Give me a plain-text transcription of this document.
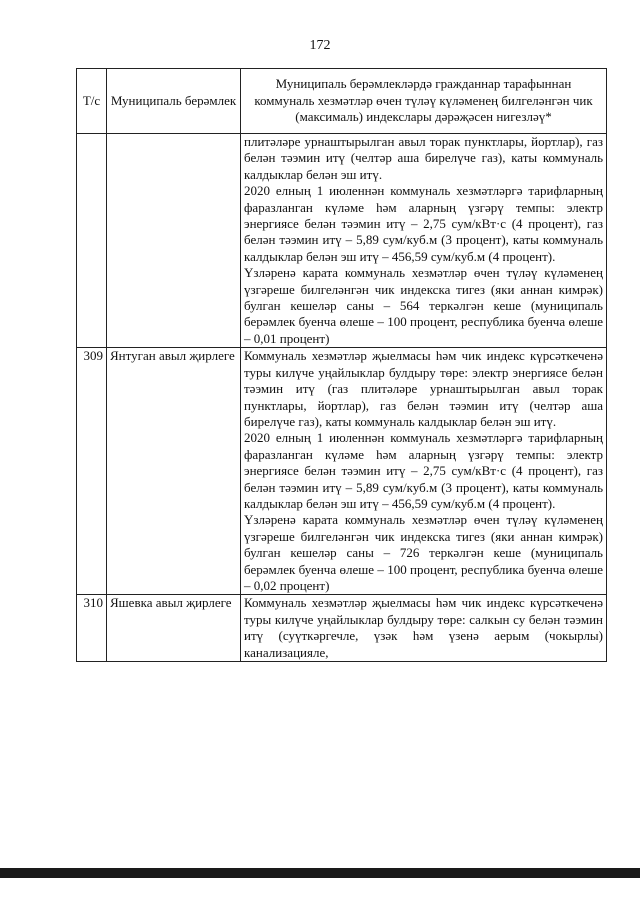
172
Т/с	Муниципаль берәмлек	Муниципаль берәмлекләрдә гражданнар тарафыннан коммуналь хезмәтләр өчен түләү күләменең билгеләнгән чик (максималь) индекслары дәрәҗәсен нигезләү*

		плитәләре урнаштырылган авыл торак пунктлары, йортлар), газ белән тәэмин итү (челтәр аша бирелүче газ), каты коммуналь калдыклар белән эш итү.
2020 елның 1 июленнән коммуналь хезмәтләргә тарифларның фаразланган күләме һәм аларның үзгәрү темпы: электр энергиясе белән тәэмин итү – 2,75 сум/кВт·с (4 процент), газ белән тәэмин итү – 5,89 сум/куб.м (3 процент), каты коммуналь калдыклар белән эш итү – 456,59 сум/куб.м (4 процент).
Үзләренә карата коммуналь хезмәтләр өчен түләү күләменең үзгәреше билгеләнгән чик индекска тигез (яки аннан кимрәк) булган кешеләр саны – 564 теркәлгән кеше (муниципаль берәмлек буенча өлеше – 100 процент, республика буенча өлеше – 0,01 процент)

309	Янтуган авыл җирлеге	Коммуналь хезмәтләр җыелмасы һәм чик индекс күрсәткеченә туры килүче уңайлыклар булдыру төре: электр энергиясе белән тәэмин итү (газ плитәләре урнаштырылган авыл торак пунктлары, йортлар), газ белән тәэмин итү (челтәр аша бирелүче газ), каты коммуналь калдыклар белән эш итү.
2020 елның 1 июленнән коммуналь хезмәтләргә тарифларның фаразланган күләме һәм аларның үзгәрү темпы: электр энергиясе белән тәэмин итү – 2,75 сум/кВт·с (4 процент), газ белән тәэмин итү – 5,89 сум/куб.м (3 процент), каты коммуналь калдыклар белән эш итү – 456,59 сум/куб.м (4 процент).
Үзләренә карата коммуналь хезмәтләр өчен түләү күләменең үзгәреше билгеләнгән чик индекска тигез (яки аннан кимрәк) булган кешеләр саны – 726 теркәлгән кеше (муниципаль берәмлек буенча өлеше – 100 процент, республика буенча өлеше – 0,02 процент)

310	Яшевка авыл җирлеге	Коммуналь хезмәтләр җыелмасы һәм чик индекс күрсәткеченә туры килүче уңайлыклар булдыру төре: салкын су белән тәэмин итү (суүткәргечле, үзәк һәм үзенә аерым (чокырлы) канализацияле,
